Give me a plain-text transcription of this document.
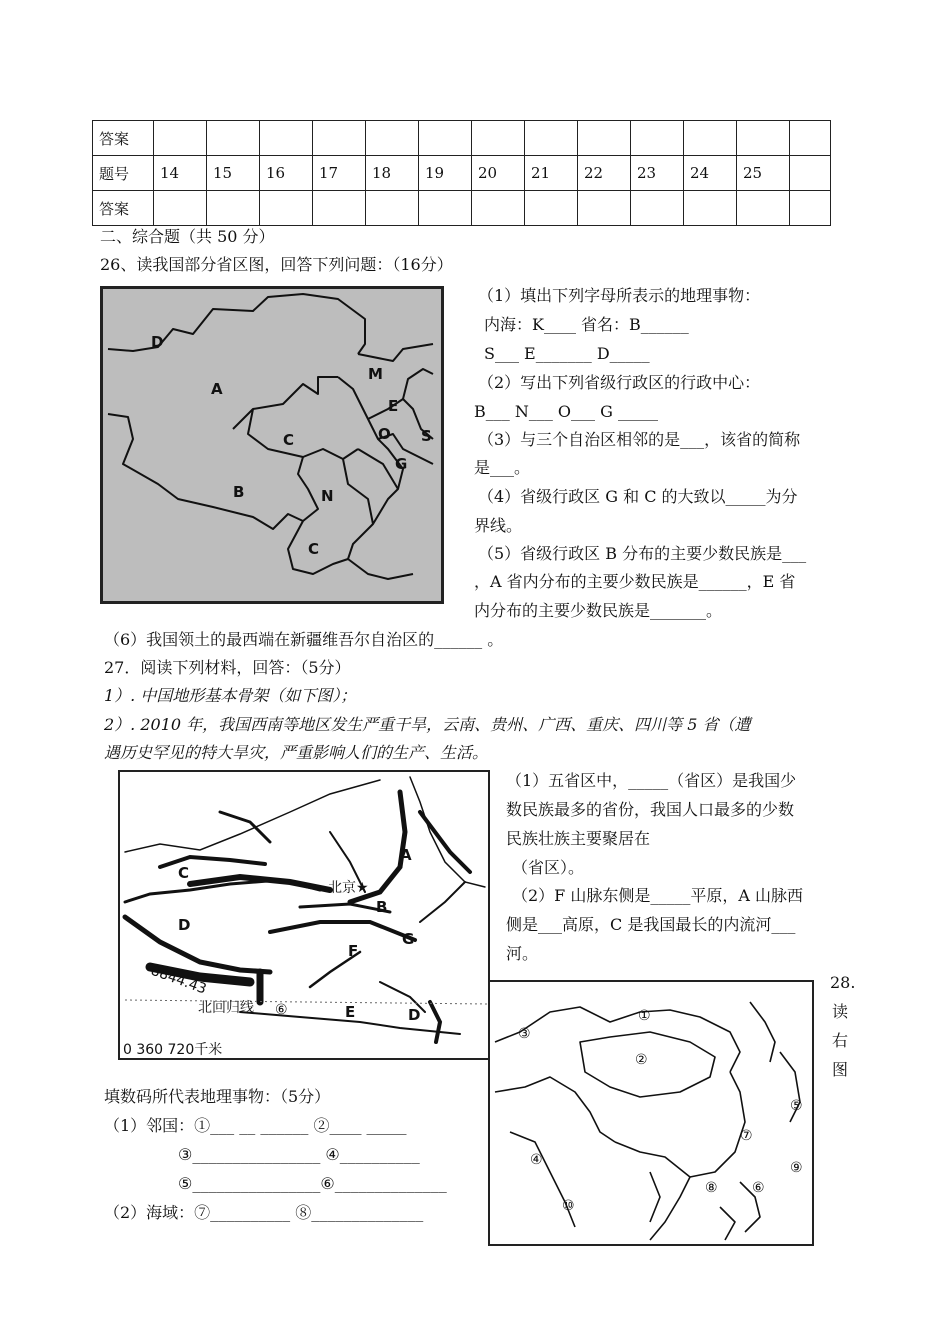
答案													
题号	14	15	16	17	18	19	20	21	22	23	24	25	
答案													
二、综合题（共 50 分）
26、读我国部分省区图，回答下列问题：（16分）
D
A
M
E
C	O S
B	N
G
C
（1）填出下列字母所表示的地理事物：
内海：K____ 省名：B______
S___ E_______ D_____
（2）写出下列省级行政区的行政中心：
B___ N___ O___ G _____
（3）与三个自治区相邻的是___，该省的简称
是___。
（4）省级行政区 G 和 C 的大致以_____为分
界线。
（5）省级行政区 B 分布的主要少数民族是___
，A 省内分布的主要少数民族是______，E 省
内分布的主要少数民族是_______。
（6）我国领土的最西端在新疆维吾尔自治区的______ 。
27．阅读下列材料，回答：（5分）
1）. 中国地形基本骨架（如下图）；
2）. 2010 年，我国西南等地区发生严重干旱，云南、贵州、广西、重庆、四川等 5 省（遭
遇历史罕见的特大旱灾，严重影响人们的生产、生活。
A
B
C
D
E
F
G
北京★
8844.43
北回归线 ⑥	D
0 360 720千米
（1）五省区中，_____（省区）是我国少
数民族最多的省份，我国人口最多的少数
民族壮族主要聚居在
（省区）。
（2）F 山脉东侧是_____平原，A 山脉西
侧是___高原，C 是我国最长的内流河___
河。
28.
读
右
图
①
②
③
④
⑤
⑥
⑦
⑧
⑨
⑩
填数码所代表地理事物：（5分）
（1）邻国：①___ __ ______ ②____ _____
③________________ ④__________
⑤________________⑥______________
（2）海域：⑦__________ ⑧______________
